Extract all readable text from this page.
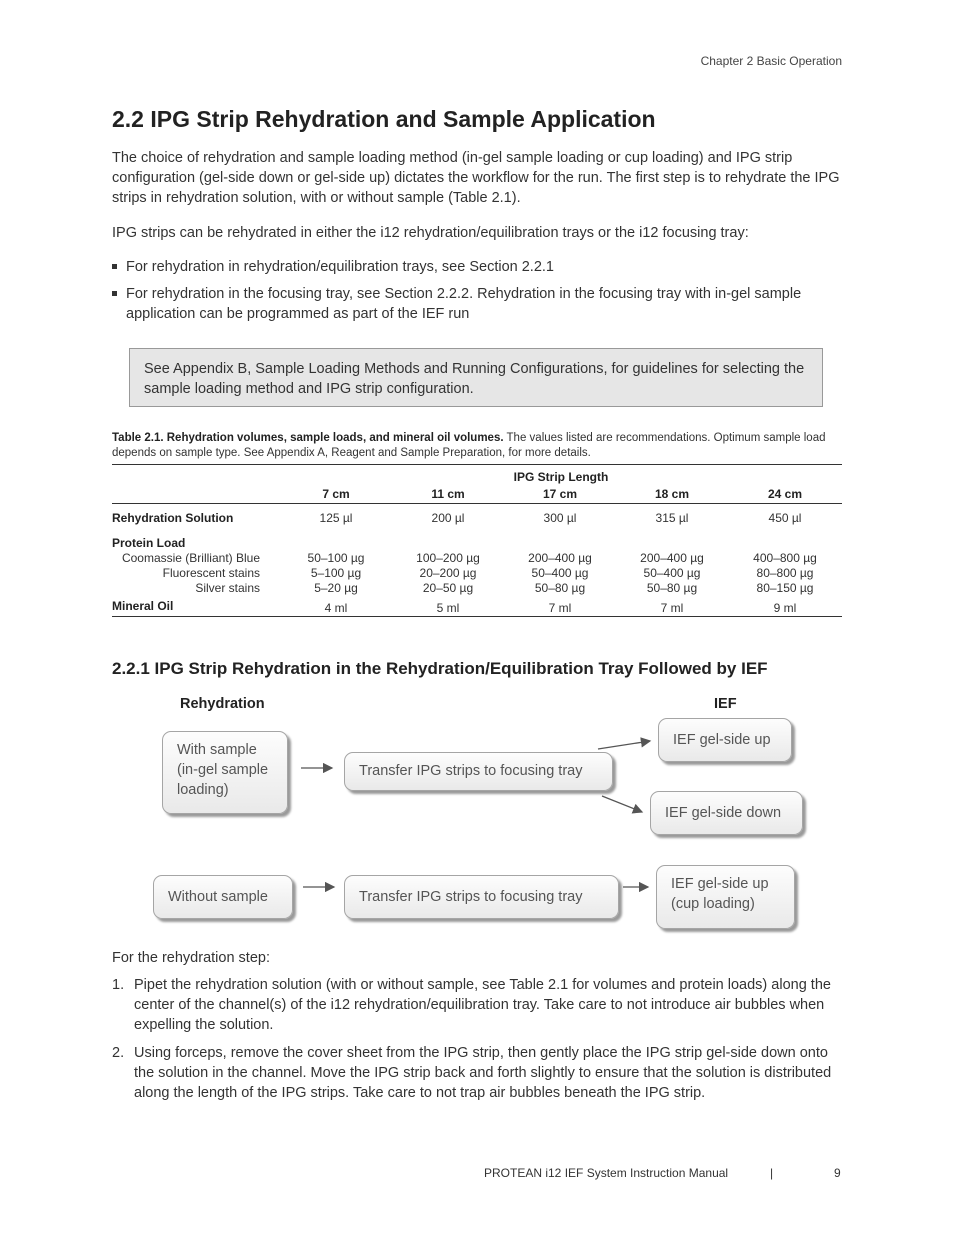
Chapter 2 Basic Operation
2.2 IPG Strip Rehydration and Sample Application

The choice of rehydration and sample loading method (in-gel sample loading or cup loading) and IPG strip configuration (gel-side down or gel-side up) dictates the workflow for the run. The first step is to rehydrate the IPG strips in rehydration solution, with or without sample (Table 2.1).

IPG strips can be rehydrated in either the i12 rehydration/equilibration trays or the i12 focusing tray:

For rehydration in rehydration/equilibration trays, see Section 2.2.1
For rehydration in the focusing tray, see Section 2.2.2. Rehydration in the focusing tray with in-gel sample application can be programmed as part of the IEF run
See Appendix B, Sample Loading Methods and Running Configurations, for guidelines for selecting the sample loading method and IPG strip configuration.
Table 2.1. Rehydration volumes, sample loads, and mineral oil volumes. The values listed are recommendations. Optimum sample load depends on sample type. See Appendix A, Reagent and Sample Preparation, for more details.
	IPG Strip Length				
	7 cm	11 cm	17 cm	18 cm	24 cm
Rehydration Solution	125 µl	200 µl	300 µl	315 µl	450 µl
Protein Load					
Coomassie (Brilliant) Blue	50–100 µg	100–200 µg	200–400 µg	200–400 µg	400–800 µg
Fluorescent stains	5–100 µg	20–200 µg	50–400 µg	50–400 µg	80–800 µg
Silver stains	5–20 µg	20–50 µg	50–80 µg	50–80 µg	80–150 µg
Mineral Oil	4 ml	5 ml	7 ml	7 ml	9 ml
2.2.1 IPG Strip Rehydration in the Rehydration/Equilibration Tray Followed by IEF
Rehydration	IEF
With sample (in-gel sample loading)
Transfer IPG strips to focusing tray
IEF gel-side up
IEF gel-side down
Without sample	Transfer IPG strips to focusing tray
IEF gel-side up (cup loading)

For the rehydration step:

1. Pipet the rehydration solution (with or without sample, see Table 2.1 for volumes and protein loads) along the center of the channel(s) of the i12 rehydration/equilibration tray. Take care to not introduce air bubbles when expelling the solution.
2. Using forceps, remove the cover sheet from the IPG strip, then gently place the IPG strip gel-side down onto the solution in the channel. Move the IPG strip back and forth slightly to ensure that the solution is distributed along the length of the IPG strips. Take care to not trap air bubbles beneath the IPG strip.
PROTEAN i12 IEF System Instruction Manual	|	9
